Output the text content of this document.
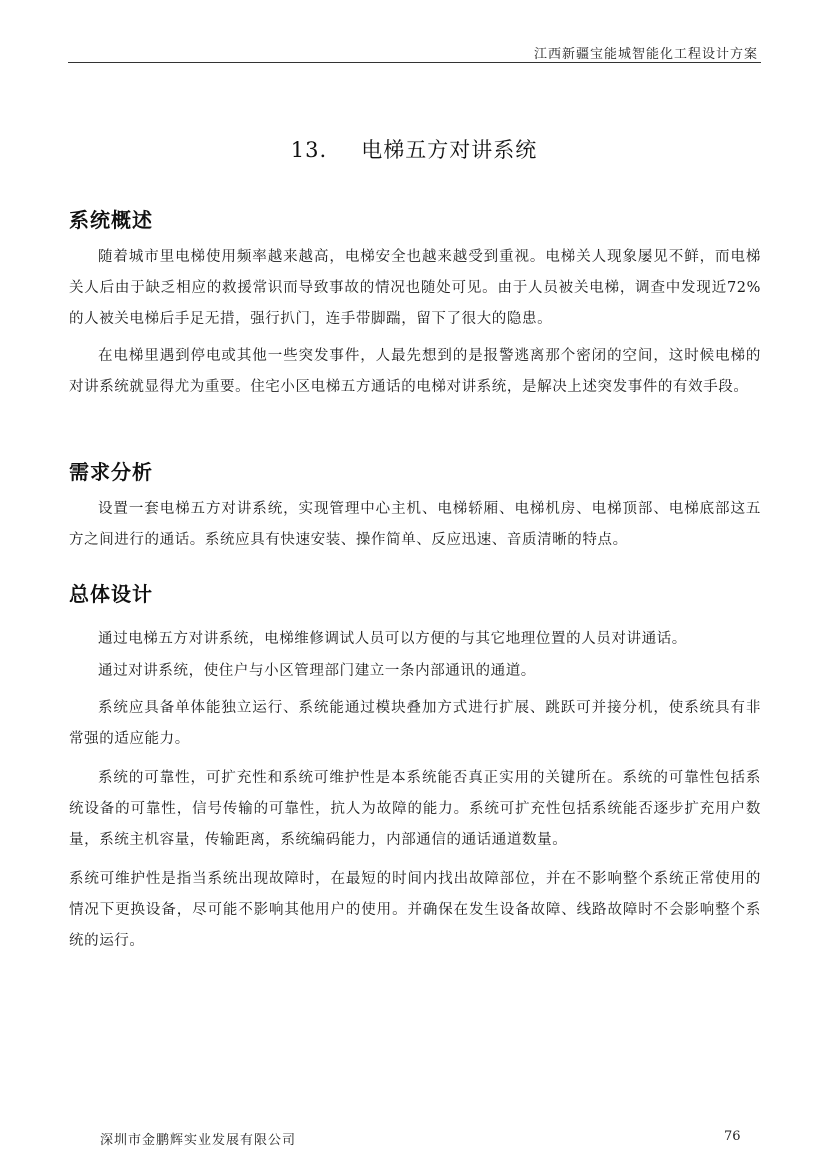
江西新疆宝能城智能化工程设计方案
13. 电梯五方对讲系统
系统概述
随着城市里电梯使用频率越来越高，电梯安全也越来越受到重视。电梯关人现象屡见不鲜，而电梯关人后由于缺乏相应的救援常识而导致事故的情况也随处可见。由于人员被关电梯，调查中发现近72%的人被关电梯后手足无措，强行扒门，连手带脚踹，留下了很大的隐患。
在电梯里遇到停电或其他一些突发事件，人最先想到的是报警逃离那个密闭的空间，这时候电梯的对讲系统就显得尤为重要。住宅小区电梯五方通话的电梯对讲系统，是解决上述突发事件的有效手段。
需求分析
设置一套电梯五方对讲系统，实现管理中心主机、电梯轿厢、电梯机房、电梯顶部、电梯底部这五方之间进行的通话。系统应具有快速安装、操作简单、反应迅速、音质清晰的特点。
总体设计
通过电梯五方对讲系统，电梯维修调试人员可以方便的与其它地理位置的人员对讲通话。
通过对讲系统，使住户与小区管理部门建立一条内部通讯的通道。
系统应具备单体能独立运行、系统能通过模块叠加方式进行扩展、跳跃可并接分机，使系统具有非常强的适应能力。
系统的可靠性，可扩充性和系统可维护性是本系统能否真正实用的关键所在。系统的可靠性包括系统设备的可靠性，信号传输的可靠性，抗人为故障的能力。系统可扩充性包括系统能否逐步扩充用户数量，系统主机容量，传输距离，系统编码能力，内部通信的通话通道数量。
系统可维护性是指当系统出现故障时，在最短的时间内找出故障部位，并在不影响整个系统正常使用的情况下更换设备，尽可能不影响其他用户的使用。并确保在发生设备故障、线路故障时不会影响整个系统的运行。
深圳市金鹏辉实业发展有限公司	76
